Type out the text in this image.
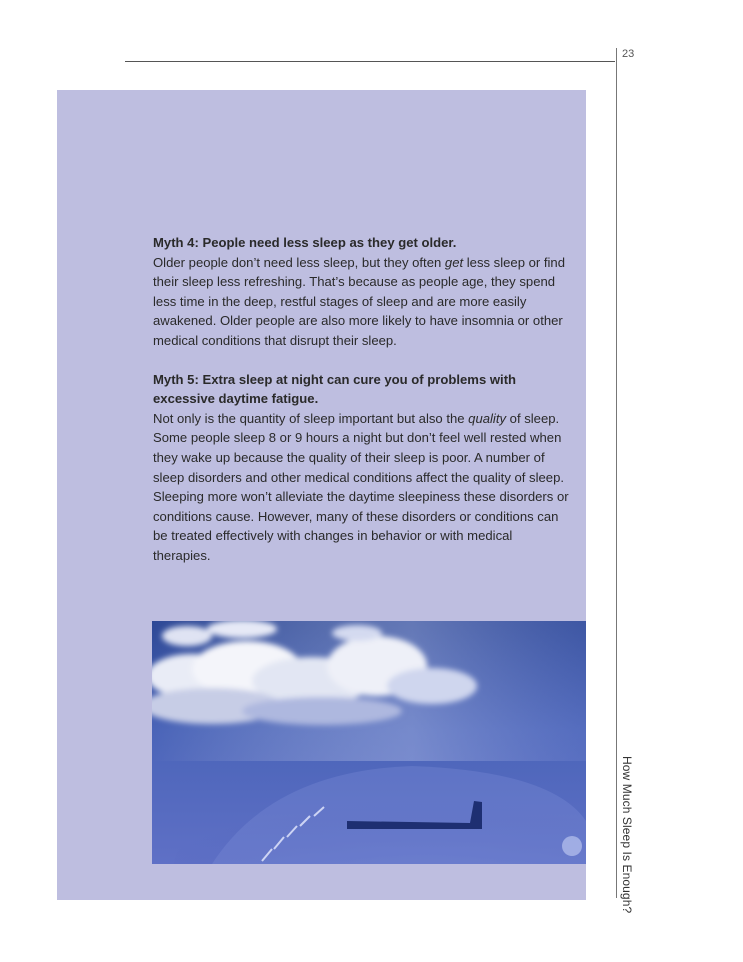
23
How Much Sleep Is Enough?
Myth 4: People need less sleep as they get older.
Older people don’t need less sleep, but they often get less sleep or find their sleep less refreshing. That’s because as people age, they spend less time in the deep, restful stages of sleep and are more easily awakened. Older people are also more likely to have insomnia or other medical conditions that disrupt their sleep.
Myth 5: Extra sleep at night can cure you of problems with excessive daytime fatigue.
Not only is the quantity of sleep important but also the quality of sleep. Some people sleep 8 or 9 hours a night but don’t feel well rested when they wake up because the quality of their sleep is poor. A number of sleep disorders and other medical conditions affect the quality of sleep. Sleeping more won’t alleviate the daytime sleepiness these disorders or conditions cause. However, many of these disorders or conditions can be treated effectively with changes in behavior or with medical therapies.
